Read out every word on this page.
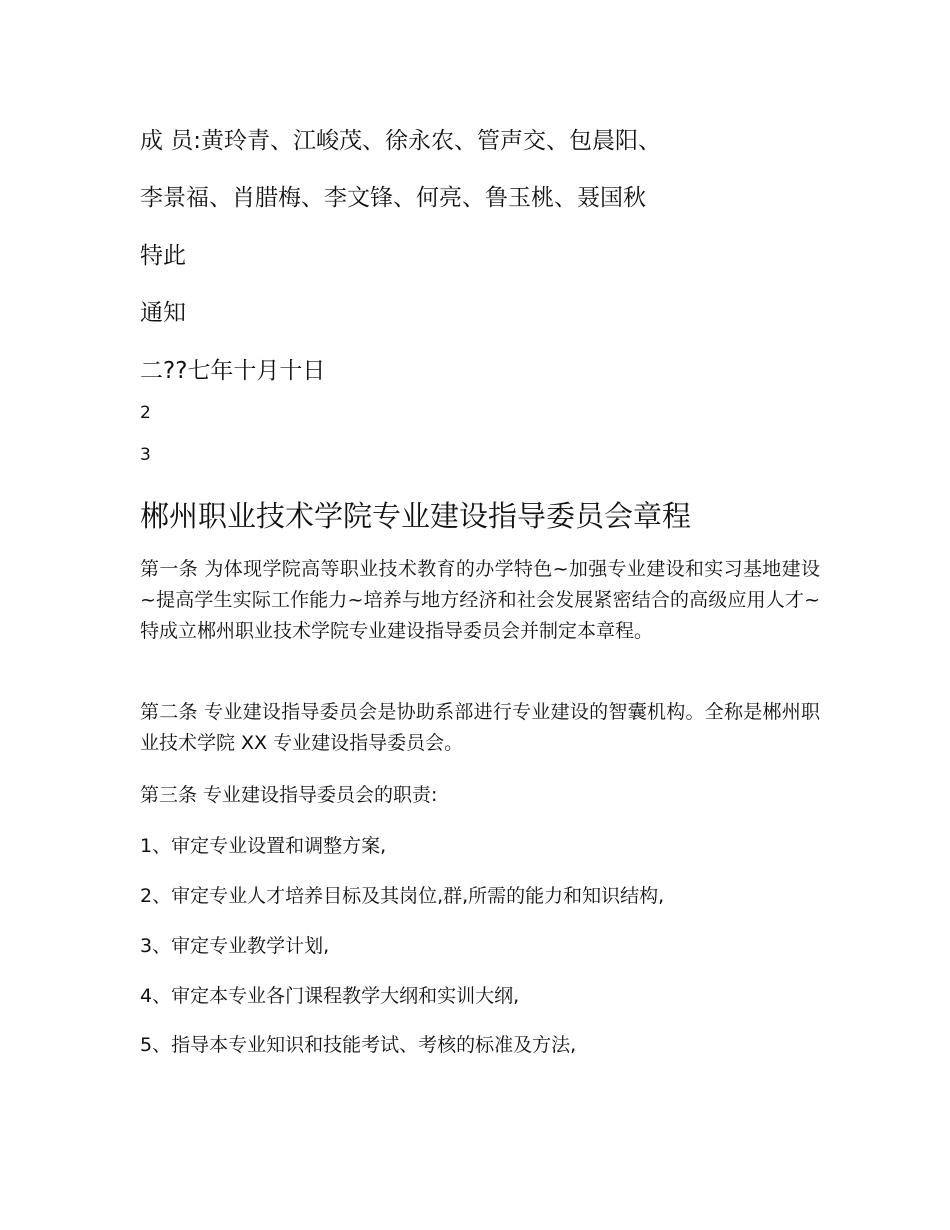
成 员:黄玲青、江峻茂、徐永农、管声交、包晨阳、

李景福、肖腊梅、李文锋、何亮、鲁玉桃、聂国秋

特此

通知

二??七年十月十日

2

3

郴州职业技术学院专业建设指导委员会章程

第一条 为体现学院高等职业技术教育的办学特色~加强专业建设和实习基地建设~提高学生实际工作能力~培养与地方经济和社会发展紧密结合的高级应用人才~特成立郴州职业技术学院专业建设指导委员会并制定本章程。

第二条 专业建设指导委员会是协助系部进行专业建设的智囊机构。全称是郴州职业技术学院 XX 专业建设指导委员会。

第三条 专业建设指导委员会的职责:

1、审定专业设置和调整方案,

2、审定专业人才培养目标及其岗位,群,所需的能力和知识结构,

3、审定专业教学计划,

4、审定本专业各门课程教学大纲和实训大纲,

5、指导本专业知识和技能考试、考核的标准及方法,
